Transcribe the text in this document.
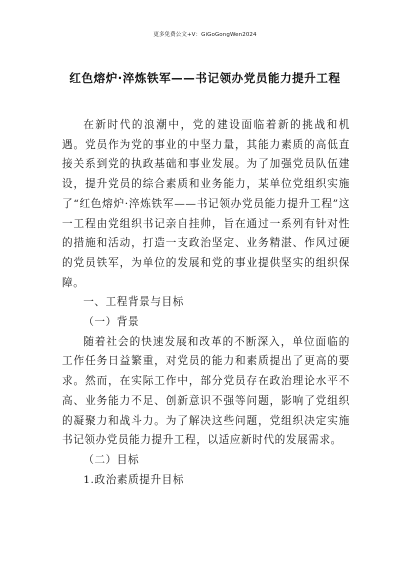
更多免费公文+V：GiGoGongWen2024
红色熔炉·淬炼铁军——书记领办党员能力提升工程

在新时代的浪潮中，党的建设面临着新的挑战和机遇。党员作为党的事业的中坚力量，其能力素质的高低直接关系到党的执政基础和事业发展。为了加强党员队伍建设，提升党员的综合素质和业务能力，某单位党组织实施了“红色熔炉·淬炼铁军——书记领办党员能力提升工程”这一工程由党组织书记亲自挂帅，旨在通过一系列有针对性的措施和活动，打造一支政治坚定、业务精湛、作风过硬的党员铁军，为单位的发展和党的事业提供坚实的组织保障。

一、工程背景与目标

（一）背景

随着社会的快速发展和改革的不断深入，单位面临的工作任务日益繁重，对党员的能力和素质提出了更高的要求。然而，在实际工作中，部分党员存在政治理论水平不高、业务能力不足、创新意识不强等问题，影响了党组织的凝聚力和战斗力。为了解决这些问题，党组织决定实施书记领办党员能力提升工程，以适应新时代的发展需求。

（二）目标

1.政治素质提升目标
